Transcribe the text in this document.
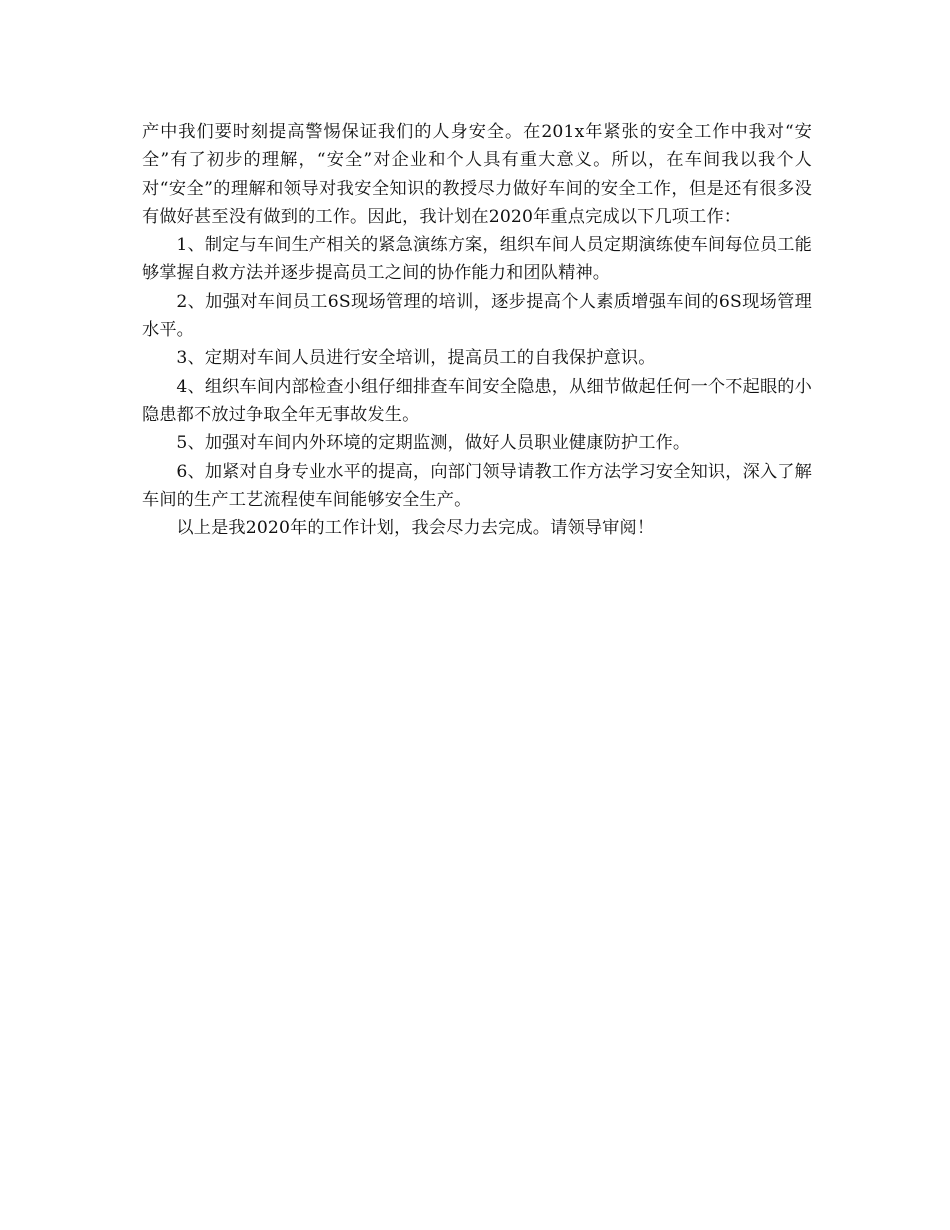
产中我们要时刻提高警惕保证我们的人身安全。在201x年紧张的安全工作中我对“安全”有了初步的理解，“安全”对企业和个人具有重大意义。所以，在车间我以我个人对“安全”的理解和领导对我安全知识的教授尽力做好车间的安全工作，但是还有很多没有做好甚至没有做到的工作。因此，我计划在2020年重点完成以下几项工作：

1、制定与车间生产相关的紧急演练方案，组织车间人员定期演练使车间每位员工能够掌握自救方法并逐步提高员工之间的协作能力和团队精神。

2、加强对车间员工6S现场管理的培训，逐步提高个人素质增强车间的6S现场管理水平。

3、定期对车间人员进行安全培训，提高员工的自我保护意识。

4、组织车间内部检查小组仔细排查车间安全隐患，从细节做起任何一个不起眼的小隐患都不放过争取全年无事故发生。

5、加强对车间内外环境的定期监测，做好人员职业健康防护工作。

6、加紧对自身专业水平的提高，向部门领导请教工作方法学习安全知识，深入了解车间的生产工艺流程使车间能够安全生产。

以上是我2020年的工作计划，我会尽力去完成。请领导审阅！
